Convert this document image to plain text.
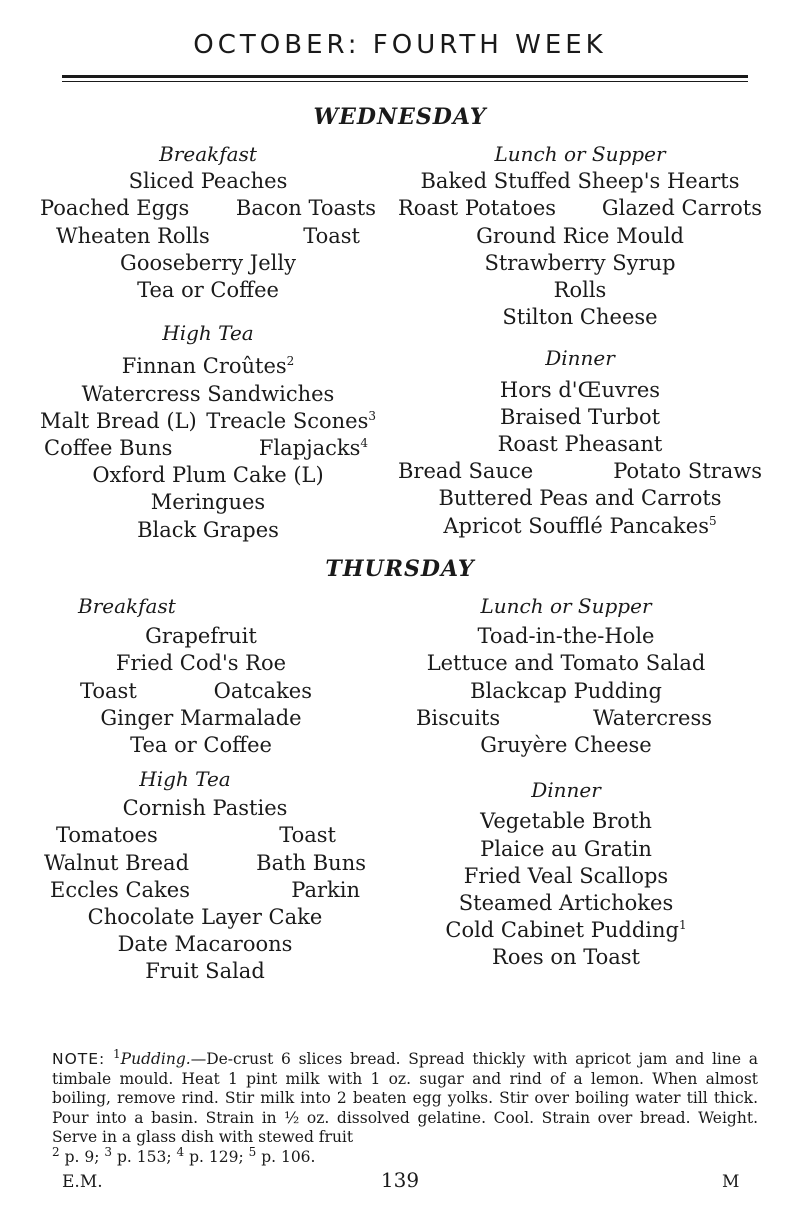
OCTOBER: FOURTH WEEK
WEDNESDAY
Breakfast
Sliced Peaches
Poached Eggs Bacon Toasts
Wheaten Rolls	Toast
Gooseberry Jelly
Tea or Coffee
High Tea
Finnan Croûtes$^2$
Watercress Sandwiches
Malt Bread (L) Treacle Scones$^3$
Coffee Buns	Flapjacks$^4$
Oxford Plum Cake (L)
Meringues
Black Grapes
Lunch or Supper
Baked Stuffed Sheep's Hearts
Roast Potatoes Glazed Carrots
Ground Rice Mould
Strawberry Syrup
Rolls
Stilton Cheese
Dinner
Hors d'Œuvres
Braised Turbot
Roast Pheasant
Bread Sauce	Potato Straws
Buttered Peas and Carrots
Apricot Soufflé Pancakes$^5$
THURSDAY
Breakfast
Grapefruit
Fried Cod's Roe
Toast	Oatcakes
Ginger Marmalade
Tea or Coffee
High Tea
Cornish Pasties
Tomatoes	Toast
Walnut Bread	Bath Buns
Eccles Cakes	Parkin
Chocolate Layer Cake
Date Macaroons
Fruit Salad
Lunch or Supper
Toad-in-the-Hole
Lettuce and Tomato Salad
Blackcap Pudding
Biscuits	Watercress
Gruyère Cheese
Dinner
Vegetable Broth
Plaice au Gratin
Fried Veal Scallops
Steamed Artichokes
Cold Cabinet Pudding$^1$
Roes on Toast
NOTE: $^1$Pudding.—De-crust 6 slices bread. Spread thickly with apricot jam and line a timbale mould. Heat 1 pint milk with 1 oz. sugar and rind of a lemon. When almost boiling, remove rind. Stir milk into 2 beaten egg yolks. Stir over boiling water till thick. Pour into a basin. Strain in ½ oz. dissolved gelatine. Cool. Strain over bread. Weight. Serve in a glass dish with stewed fruit
$^2$ p. 9; $^3$ p. 153; $^4$ p. 129; $^5$ p. 106.
E.M.	139	M
